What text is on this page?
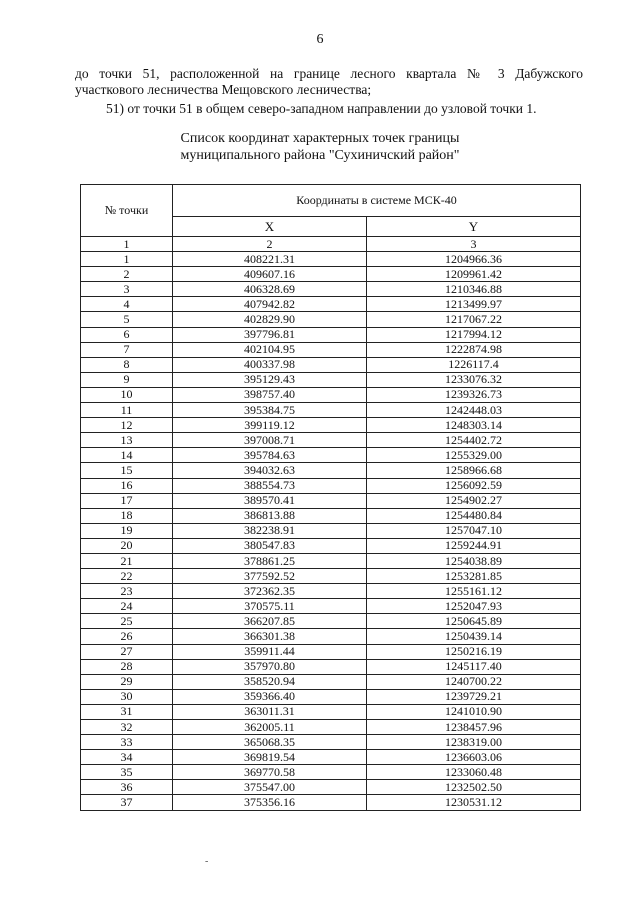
6
до точки 51, расположенной на границе лесного квартала № 3 Дабужского
участкового лесничества Мещовского лесничества;
51) от точки 51 в общем северо-западном направлении до узловой точки 1.
Список координат характерных точек границы
муниципального района "Сухиничский район"
№ точки	Координаты в системе МСК-40	
	X	Y
1	2	3
1	408221.31	1204966.36
2	409607.16	1209961.42
3	406328.69	1210346.88
4	407942.82	1213499.97
5	402829.90	1217067.22
6	397796.81	1217994.12
7	402104.95	1222874.98
8	400337.98	1226117.4
9	395129.43	1233076.32
10	398757.40	1239326.73
11	395384.75	1242448.03
12	399119.12	1248303.14
13	397008.71	1254402.72
14	395784.63	1255329.00
15	394032.63	1258966.68
16	388554.73	1256092.59
17	389570.41	1254902.27
18	386813.88	1254480.84
19	382238.91	1257047.10
20	380547.83	1259244.91
21	378861.25	1254038.89
22	377592.52	1253281.85
23	372362.35	1255161.12
24	370575.11	1252047.93
25	366207.85	1250645.89
26	366301.38	1250439.14
27	359911.44	1250216.19
28	357970.80	1245117.40
29	358520.94	1240700.22
30	359366.40	1239729.21
31	363011.31	1241010.90
32	362005.11	1238457.96
33	365068.35	1238319.00
34	369819.54	1236603.06
35	369770.58	1233060.48
36	375547.00	1232502.50
37	375356.16	1230531.12
-
